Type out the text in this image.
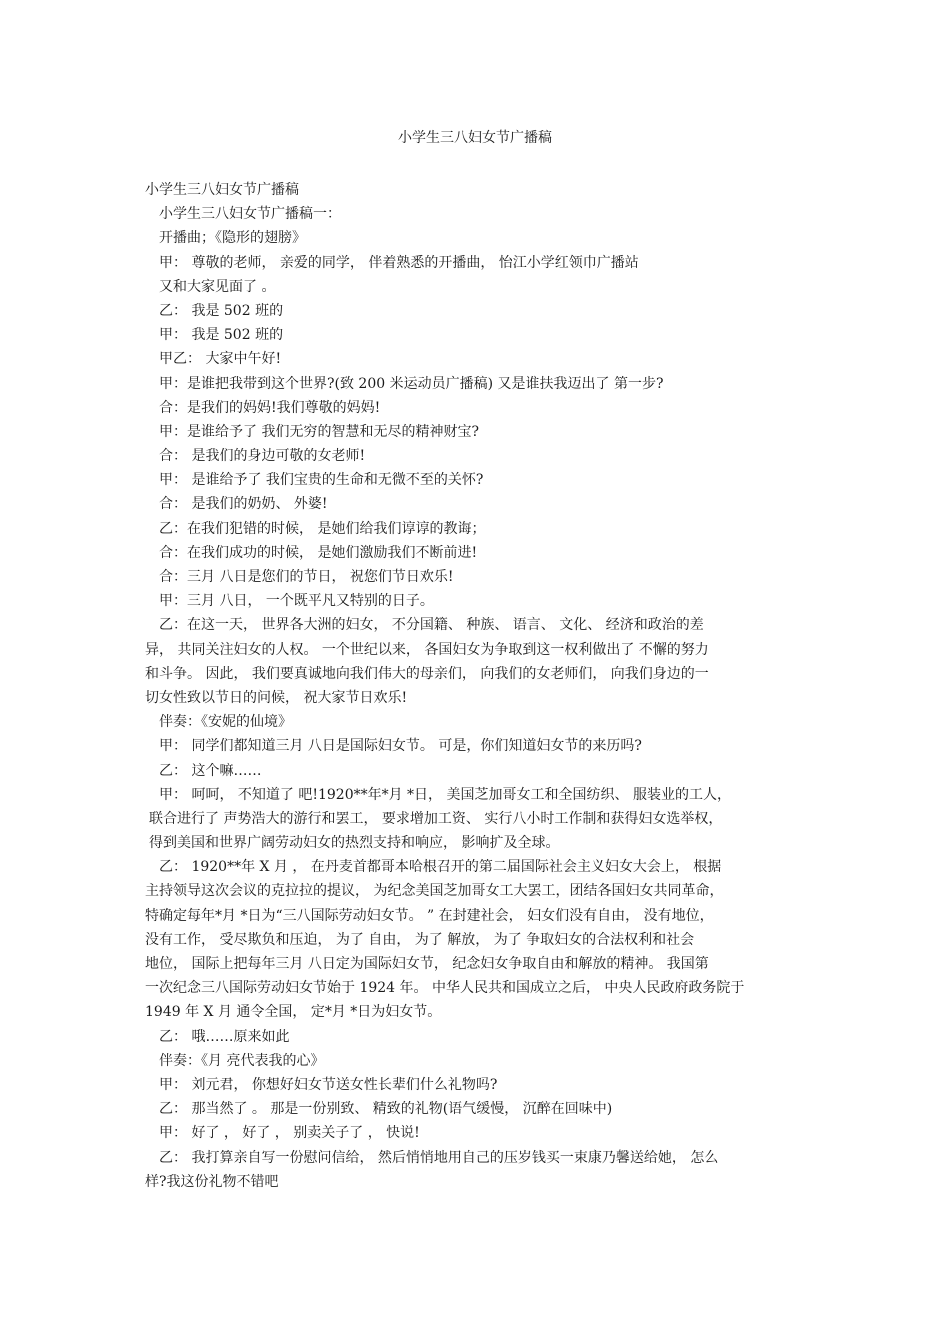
小学生三八妇女节广播稿
小学生三八妇女节广播稿
小学生三八妇女节广播稿一：
开播曲；《隐形的翅膀》
甲： 尊敬的老师， 亲爱的同学， 伴着熟悉的开播曲， 怡江小学红领巾广播站
又和大家见面了 。
乙： 我是 502 班的
甲： 我是 502 班的
甲乙： 大家中午好!
甲：是谁把我带到这个世界?(致 200 米运动员广播稿) 又是谁扶我迈出了 第一步?
合：是我们的妈妈!我们尊敬的妈妈!
甲：是谁给予了 我们无穷的智慧和无尽的精神财宝?
合： 是我们的身边可敬的女老师!
甲： 是谁给予了 我们宝贵的生命和无微不至的关怀?
合： 是我们的奶奶、 外婆!
乙：在我们犯错的时候， 是她们给我们谆谆的教诲；
合：在我们成功的时候， 是她们激励我们不断前进!
合：三月 八日是您们的节日， 祝您们节日欢乐!
甲：三月 八日， 一个既平凡又特别的日子。
乙：在这一天， 世界各大洲的妇女， 不分国籍、 种族、 语言、 文化、 经济和政治的差
异， 共同关注妇女的人权。 一个世纪以来， 各国妇女为争取到这一权利做出了 不懈的努力
和斗争。 因此， 我们要真诚地向我们伟大的母亲们， 向我们的女老师们， 向我们身边的一
切女性致以节日的问候， 祝大家节日欢乐!
伴奏：《安妮的仙境》
甲： 同学们都知道三月 八日是国际妇女节。 可是，你们知道妇女节的来历吗?
乙： 这个嘛……
甲： 呵呵， 不知道了 吧!1920**年*月 *日， 美国芝加哥女工和全国纺织、 服装业的工人，
联合进行了 声势浩大的游行和罢工， 要求增加工资、 实行八小时工作制和获得妇女选举权，
得到美国和世界广阔劳动妇女的热烈支持和响应， 影响扩及全球。
乙： 1920**年 X 月 ， 在丹麦首都哥本哈根召开的第二届国际社会主义妇女大会上， 根据
主持领导这次会议的克拉拉的提议， 为纪念美国芝加哥女工大罢工，团结各国妇女共同革命，
特确定每年*月 *日为“三八国际劳动妇女节。 ” 在封建社会， 妇女们没有自由， 没有地位，
没有工作， 受尽欺负和压迫， 为了 自由， 为了 解放， 为了 争取妇女的合法权利和社会
地位， 国际上把每年三月 八日定为国际妇女节， 纪念妇女争取自由和解放的精神。 我国第
一次纪念三八国际劳动妇女节始于 1924 年。 中华人民共和国成立之后， 中央人民政府政务院于
1949 年 X 月 通令全国， 定*月 *日为妇女节。
乙： 哦……原来如此
伴奏：《月 亮代表我的心》
甲： 刘元君， 你想好妇女节送女性长辈们什么礼物吗?
乙： 那当然了 。 那是一份别致、 精致的礼物(语气缓慢， 沉醉在回味中)
甲： 好了 ， 好了 ， 别卖关子了 ， 快说!
乙： 我打算亲自写一份慰问信给， 然后悄悄地用自己的压岁钱买一束康乃馨送给她， 怎么
样?我这份礼物不错吧
